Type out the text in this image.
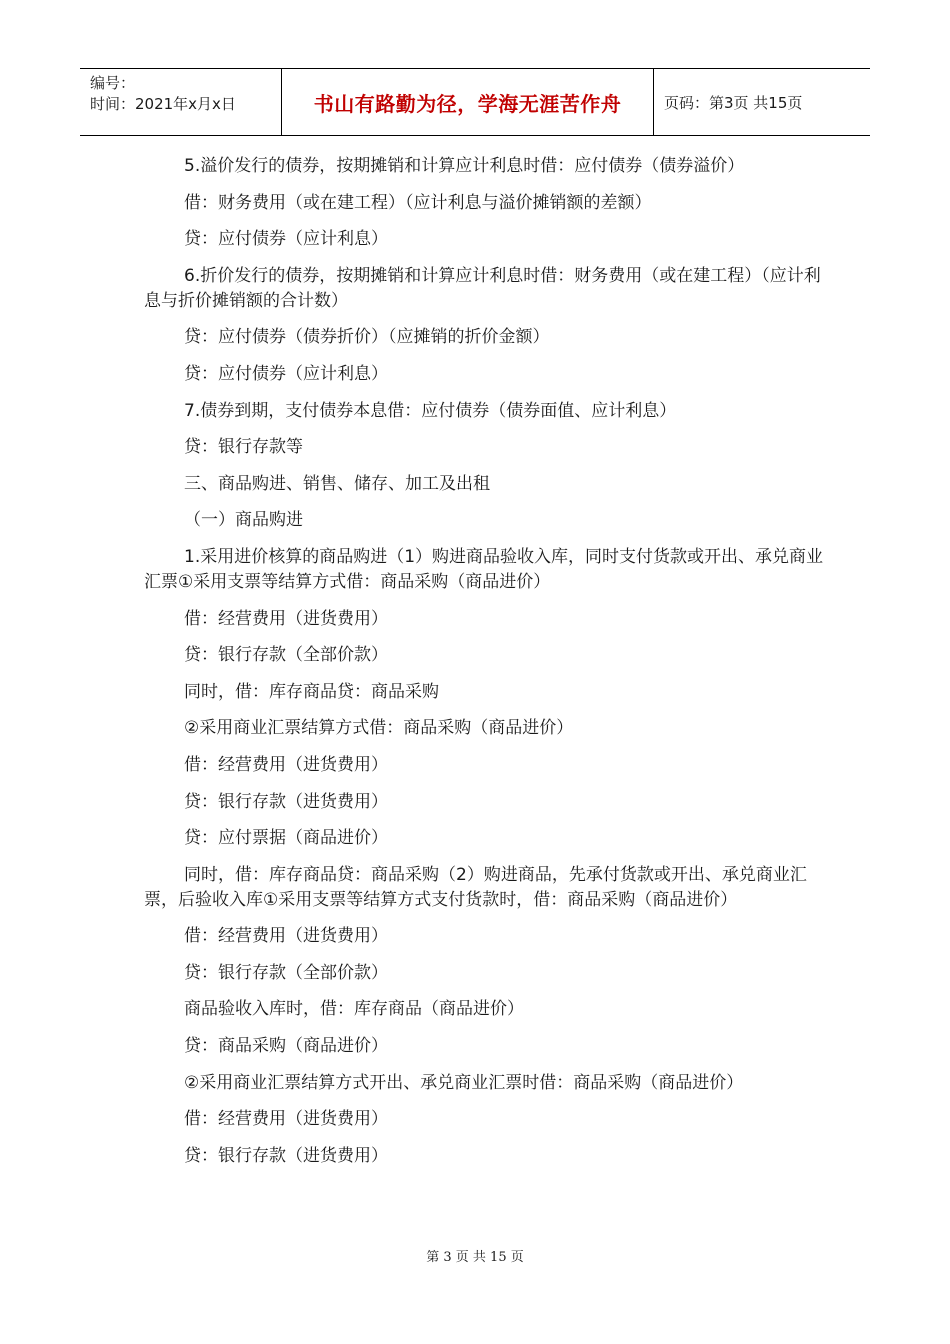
编号：
时间：2021年x月x日	书山有路勤为径，学海无涯苦作舟	页码：第3页 共15页

5.溢价发行的债券，按期摊销和计算应计利息时借：应付债券（债券溢价）

借：财务费用（或在建工程）（应计利息与溢价摊销额的差额）

贷：应付债券（应计利息）

6.折价发行的债券，按期摊销和计算应计利息时借：财务费用（或在建工程）（应计利息与折价摊销额的合计数）

贷：应付债券（债券折价）（应摊销的折价金额）

贷：应付债券（应计利息）

7.债券到期，支付债券本息借：应付债券（债券面值、应计利息）

贷：银行存款等

三、商品购进、销售、储存、加工及出租

（一）商品购进

1.采用进价核算的商品购进（1）购进商品验收入库，同时支付货款或开出、承兑商业汇票①采用支票等结算方式借：商品采购（商品进价）

借：经营费用（进货费用）

贷：银行存款（全部价款）

同时，借：库存商品贷：商品采购

②采用商业汇票结算方式借：商品采购（商品进价）

借：经营费用（进货费用）

贷：银行存款（进货费用）

贷：应付票据（商品进价）

同时，借：库存商品贷：商品采购（2）购进商品，先承付货款或开出、承兑商业汇票，后验收入库①采用支票等结算方式支付货款时，借：商品采购（商品进价）

借：经营费用（进货费用）

贷：银行存款（全部价款）

商品验收入库时，借：库存商品（商品进价）

贷：商品采购（商品进价）

②采用商业汇票结算方式开出、承兑商业汇票时借：商品采购（商品进价）

借：经营费用（进货费用）

贷：银行存款（进货费用）

第 3 页 共 15 页
